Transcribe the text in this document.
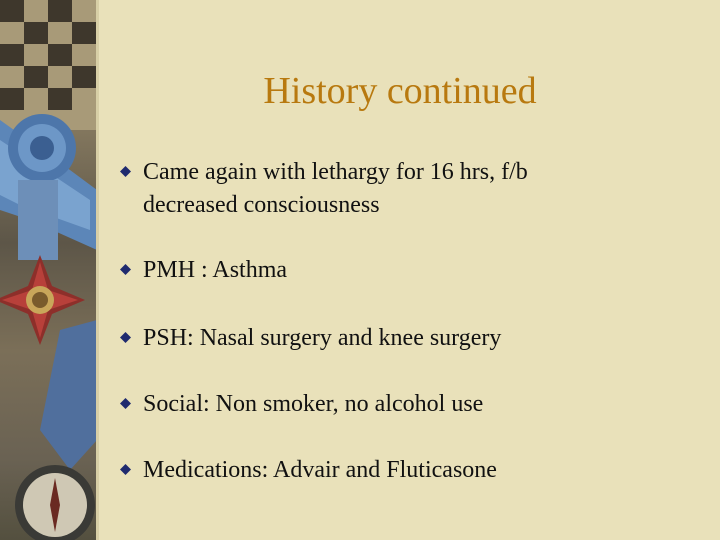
History continued
Came again with lethargy for 16 hrs, f/b
decreased consciousness
PMH : Asthma
PSH: Nasal surgery and knee surgery
Social: Non smoker, no alcohol use
Medications: Advair and Fluticasone
